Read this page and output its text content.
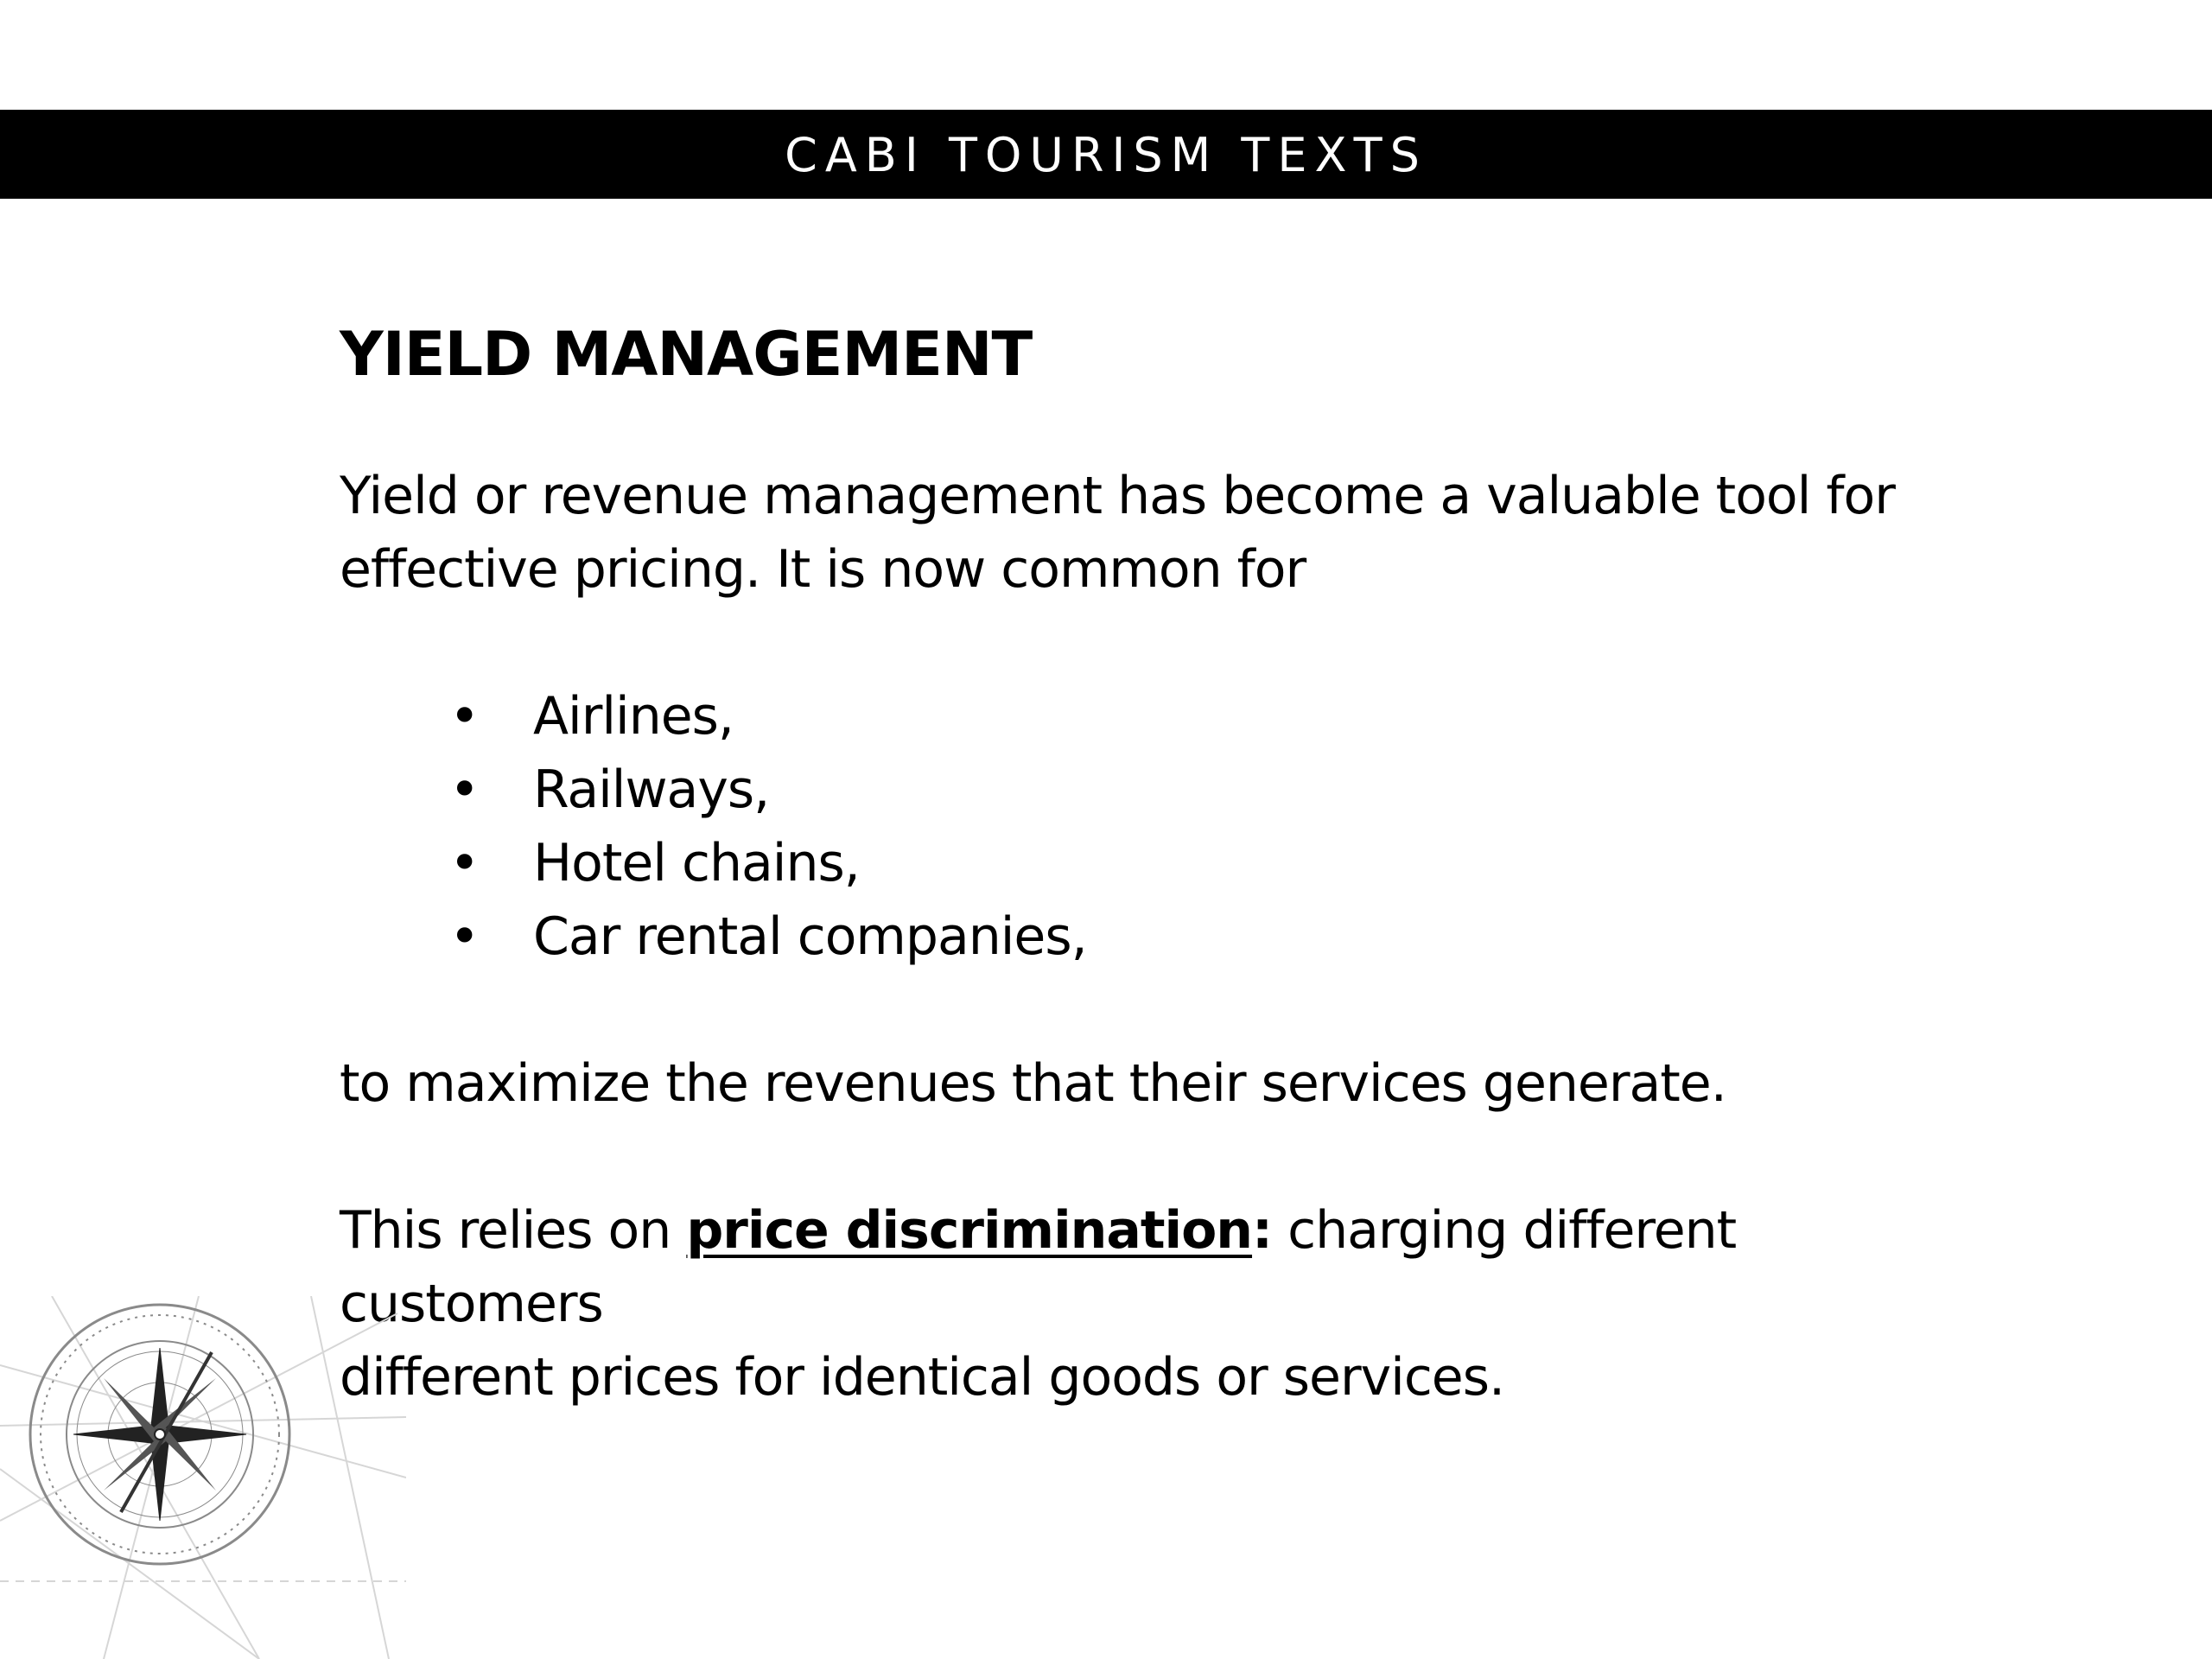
CABI TOURISM TEXTS
YIELD MANAGEMENT

Yield or revenue management has become a valuable tool for
effective pricing. It is now common for

• Airlines,
• Railways,
• Hotel chains,
• Car rental companies,

to maximize the revenues that their services generate.

This relies on price discrimination: charging different customers
different prices for identical goods or services.
